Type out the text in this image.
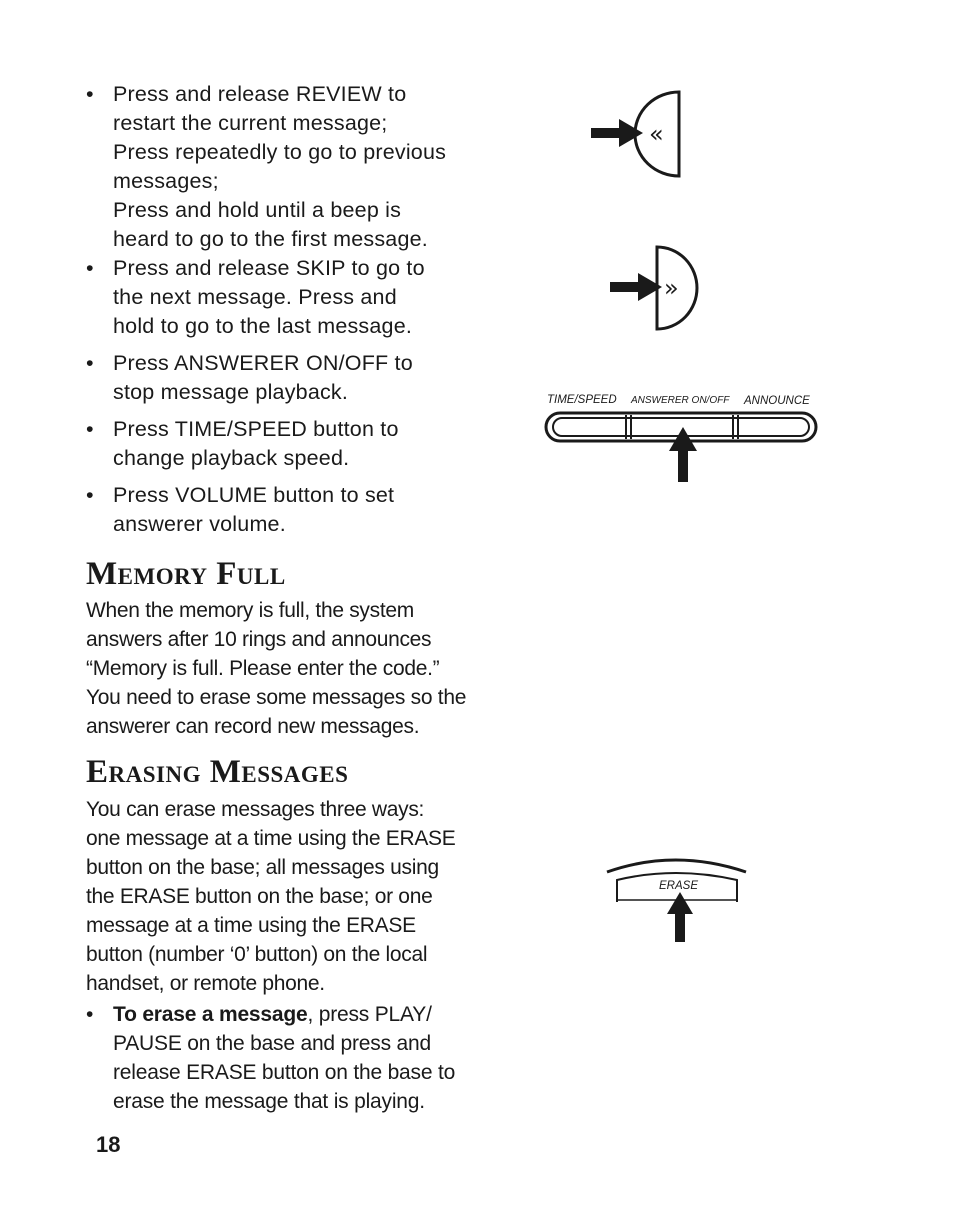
• Press and release REVIEW to
restart the current message;
Press repeatedly to go to previous
messages;
Press and hold until a beep is
heard to go to the first message.
• Press and release SKIP to go to
the next message. Press and
hold to go to the last message.
• Press ANSWERER ON/OFF to
stop message playback.
• Press TIME/SPEED button to
change playback speed.
• Press VOLUME button to set
answerer volume.
Memory Full
When the memory is full, the system
answers after 10 rings and announces
“Memory is full. Please enter the code.”
You need to erase some messages so the
answerer can record new messages.
Erasing Messages
You can erase messages three ways:
one message at a time using the ERASE
button on the base; all messages using
the ERASE button on the base; or one
message at a time using the ERASE
button (number ‘0’ button) on the local
handset, or remote phone.
• To erase a message, press PLAY/
PAUSE on the base and press and
release ERASE button on the base to
erase the message that is playing.
18
«
»
TIME/SPEED ANSWERER ON/OFF ANNOUNCE
ERASE
